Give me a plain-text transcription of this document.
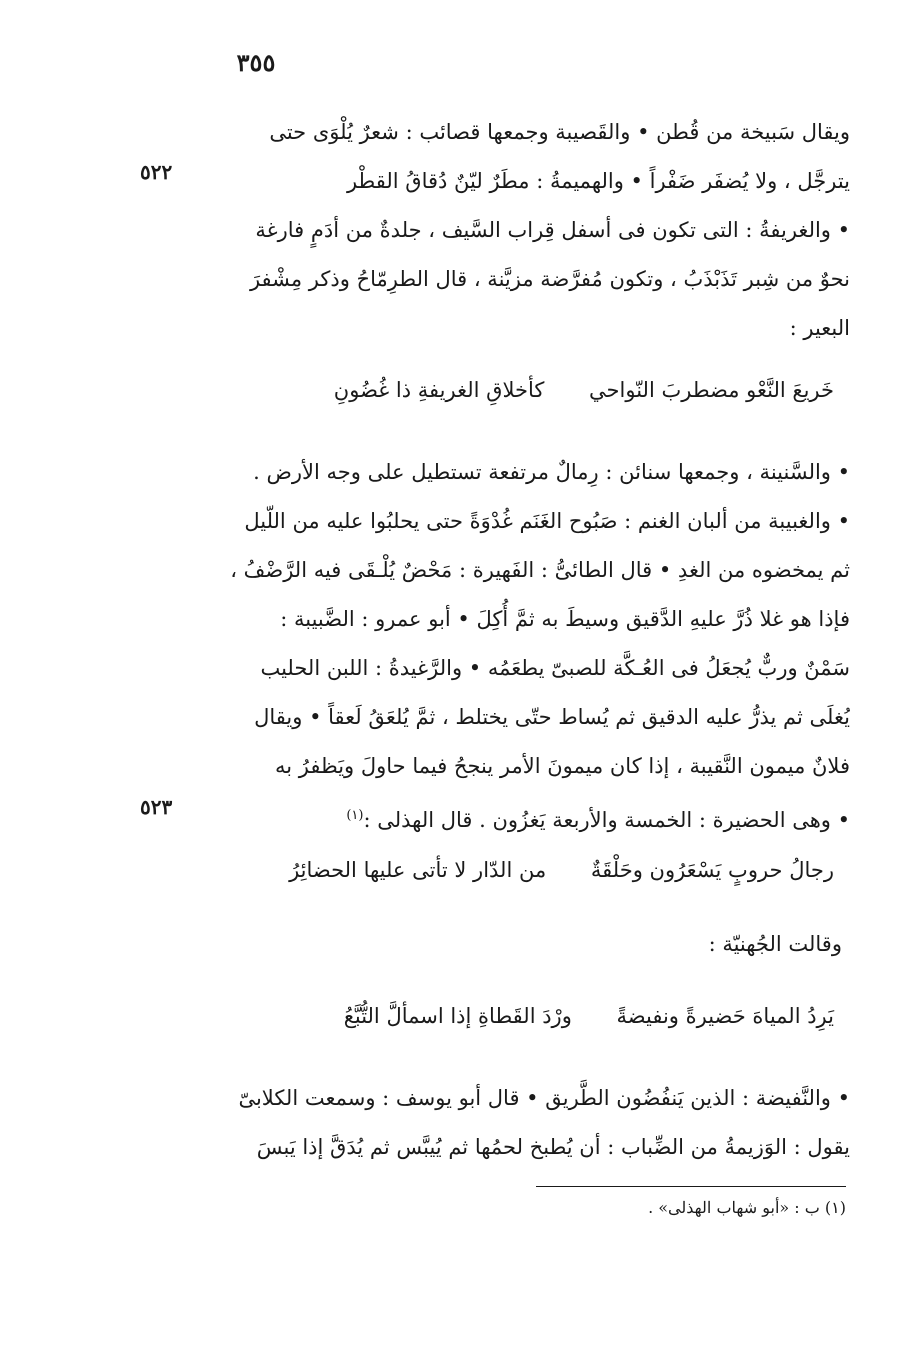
٣٥٥
٥٢٢
٥٢٣
ويقال سَبيخة من قُطن • والقَصيبة وجمعها قصائب : شعرٌ يُلْوَى حتى
يترجَّل ، ولا يُضفَر ضَفْراً • والهميمةُ : مطَرٌ ليّنٌ دُقاقُ القطْر
• والغريفةُ : التى تكون فى أسفل قِراب السَّيف ، جلدةٌ من أدَمٍ فارغة
نحوٌ من شِبر تَذَبْذَبُ ، وتكون مُفرَّضة مزيَّنة ، قال الطرِمّاحُ وذكر مِشْفرَ
البعير :
خَريعَ النَّعْو مضطربَ النّواحي كأخلاقِ الغريفةِ ذا غُضُونِ
• والسَّنينة ، وجمعها سنائن : رِمالٌ مرتفعة تستطيل على وجه الأرض .
• والغبيبة من ألبان الغنم : صَبُوح الغَنَم غُدْوَةً حتى يحلبُوا عليه من اللّيل
ثم يمخضوه من الغدِ • قال الطائىُّ : الفَهيرة : مَحْضٌ يُلْـقَى فيه الرَّضْفُ ،
فإذا هو غلا ذُرَّ عليهِ الدَّقيق وسيطَ به ثمَّ أُكِلَ • أبو عمرو : الضَّبيبة :
سَمْنٌ وربٌّ يُجعَلُ فى العُـكَّة للصبىّ يطعَمُه • والرَّغيدةُ : اللبن الحليب
يُغلَى ثم يذرُّ عليه الدقيق ثم يُساط حتّى يختلط ، ثمَّ يُلعَقُ لَعقاً • ويقال
فلانٌ ميمون النَّقيبة ، إذا كان ميمونَ الأمر ينجحُ فيما حاولَ ويَظفرُ به
• وهى الحضيرة : الخمسة والأربعة يَغزُون . قال الهذلى :$^{(١)}$
رجالُ حروبٍ يَسْعَرُون وحَلْقَةٌ من الدّار لا تأتى عليها الحضائِرُ
وقالت الجُهنيّة :
يَرِدُ المياهَ حَضيرةً ونفيضةً ورْدَ القَطاةِ إذا اسمألَّ التُّبَّعُ
• والنَّفيضة : الذين يَنفُضُون الطَّريق • قال أبو يوسف : وسمعت الكلابىّ
يقول : الوَزيمةُ من الضِّباب : أن يُطبخ لحمُها ثم يُيبَّس ثم يُدَقَّ إذا يَبسَ
(١) ب : «أبو شهاب الهذلى» .
